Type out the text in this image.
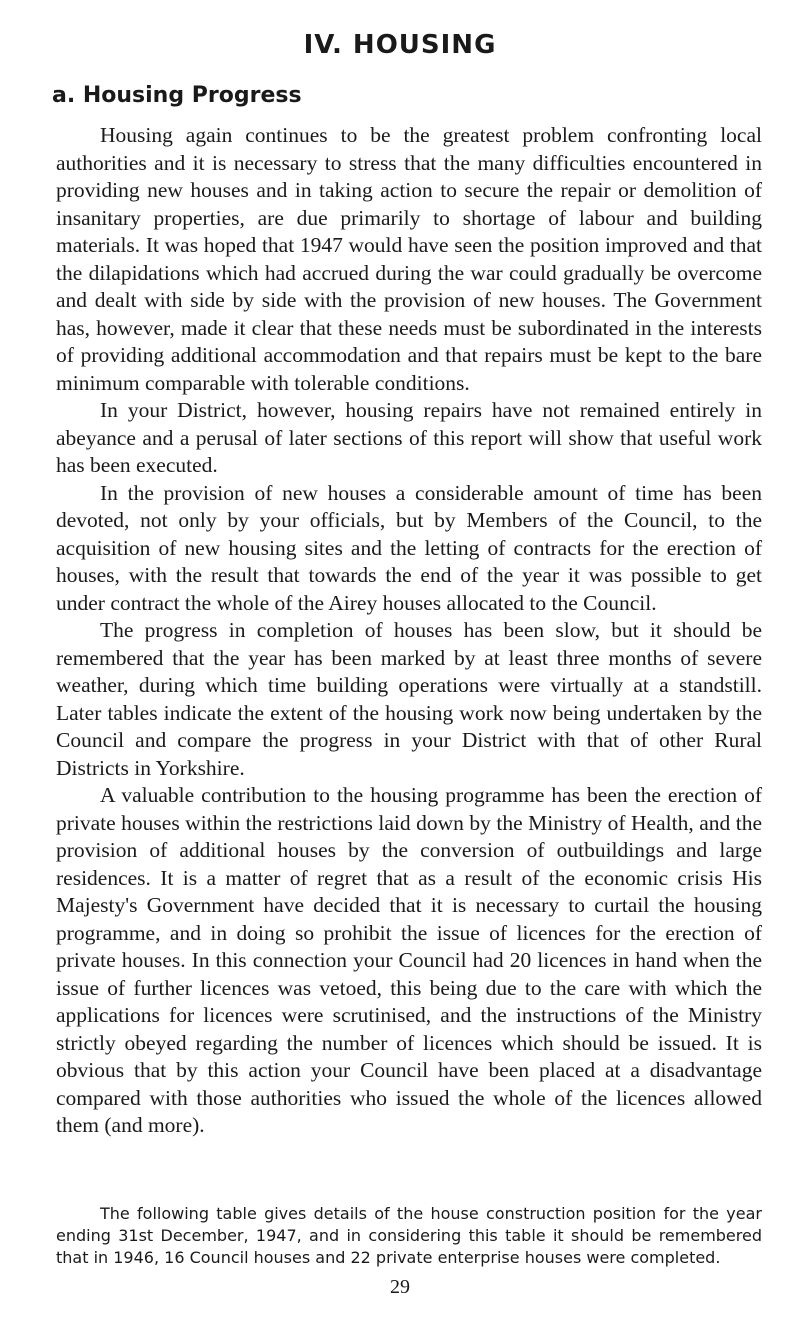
IV. HOUSING
a. Housing Progress

Housing again continues to be the greatest problem confronting local authorities and it is necessary to stress that the many difficulties encountered in providing new houses and in taking action to secure the repair or demolition of insanitary properties, are due primarily to shortage of labour and building materials. It was hoped that 1947 would have seen the position improved and that the dilapidations which had accrued during the war could gradually be overcome and dealt with side by side with the provision of new houses. The Government has, however, made it clear that these needs must be subordinated in the interests of providing additional accommodation and that repairs must be kept to the bare minimum comparable with tolerable conditions.

In your District, however, housing repairs have not remained entirely in abeyance and a perusal of later sections of this report will show that useful work has been executed.

In the provision of new houses a considerable amount of time has been devoted, not only by your officials, but by Members of the Council, to the acquisition of new housing sites and the letting of contracts for the erection of houses, with the result that towards the end of the year it was possible to get under contract the whole of the Airey houses allocated to the Council.

The progress in completion of houses has been slow, but it should be remembered that the year has been marked by at least three months of severe weather, during which time building operations were virtually at a standstill. Later tables indicate the extent of the housing work now being undertaken by the Council and compare the progress in your District with that of other Rural Districts in Yorkshire.

A valuable contribution to the housing programme has been the erection of private houses within the restrictions laid down by the Ministry of Health, and the provision of additional houses by the conversion of outbuildings and large residences. It is a matter of regret that as a result of the economic crisis His Majesty's Government have decided that it is necessary to curtail the housing programme, and in doing so prohibit the issue of licences for the erection of private houses. In this connection your Council had 20 licences in hand when the issue of further licences was vetoed, this being due to the care with which the applications for licences were scrutinised, and the instructions of the Ministry strictly obeyed regarding the number of licences which should be issued. It is obvious that by this action your Council have been placed at a disadvantage compared with those authorities who issued the whole of the licences allowed them (and more).

The following table gives details of the house construction position for the year ending 31st December, 1947, and in considering this table it should be remembered that in 1946, 16 Council houses and 22 private enterprise houses were completed.

29
